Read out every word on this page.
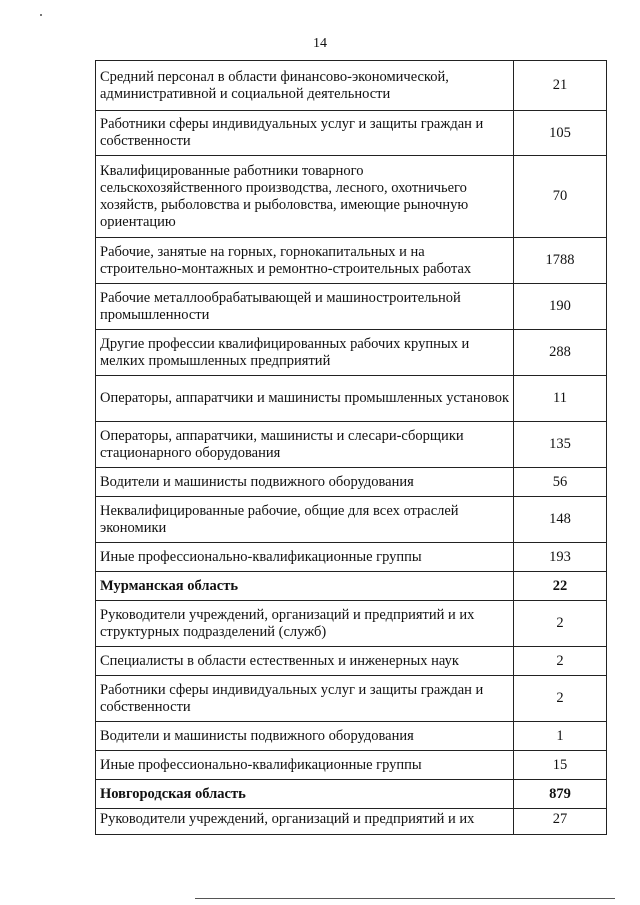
14
Средний персонал в области финансово-экономической, административной и социальной деятельности	21
Работники сферы индивидуальных услуг и защиты граждан и собственности	105
Квалифицированные работники товарного сельскохозяйственного производства, лесного, охотничьего хозяйств, рыболовства и рыболовства, имеющие рыночную ориентацию	70
Рабочие, занятые на горных, горнокапитальных и на строительно-монтажных и ремонтно-строительных работах	1788
Рабочие металлообрабатывающей и машиностроительной промышленности	190
Другие профессии квалифицированных рабочих крупных и мелких промышленных предприятий	288
Операторы, аппаратчики и машинисты промышленных установок	11
Операторы, аппаратчики, машинисты и слесари-сборщики стационарного оборудования	135
Водители и машинисты подвижного оборудования	56
Неквалифицированные рабочие, общие для всех отраслей экономики	148
Иные профессионально-квалификационные группы	193
Мурманская область	22
Руководители учреждений, организаций и предприятий и их структурных подразделений (служб)	2
Специалисты в области естественных и инженерных наук	2
Работники сферы индивидуальных услуг и защиты граждан и собственности	2
Водители и машинисты подвижного оборудования	1
Иные профессионально-квалификационные группы	15
Новгородская область	879
Руководители учреждений, организаций и предприятий и их	27
